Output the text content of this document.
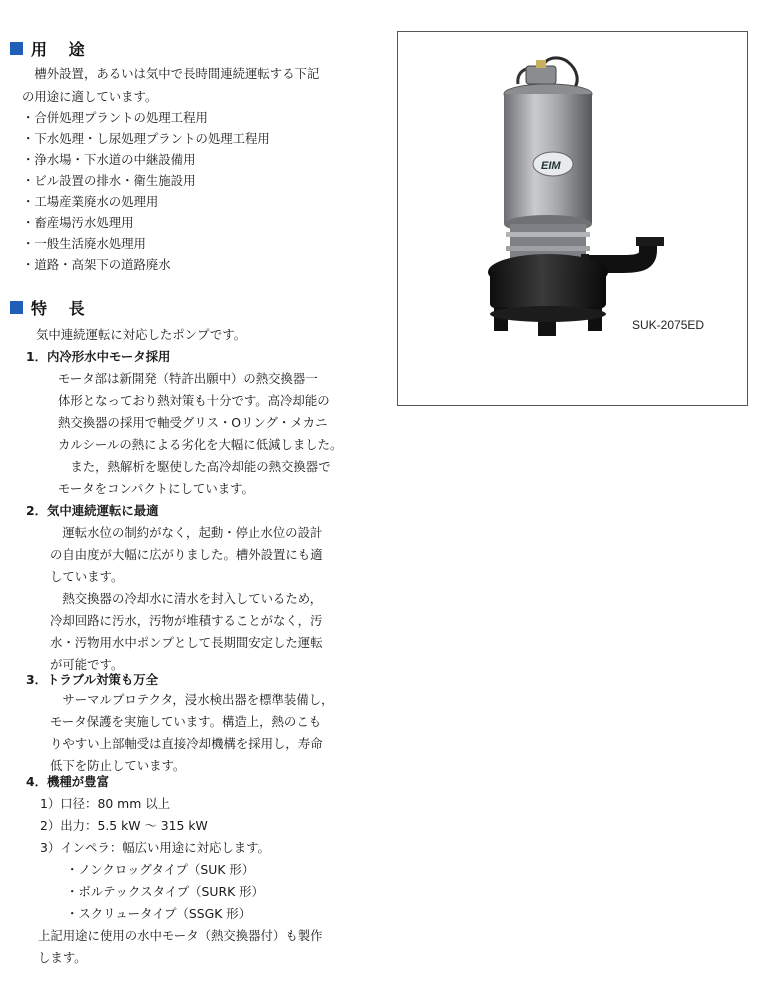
用 途
　槽外設置，あるいは気中で長時間連続運転する下記
の用途に適しています。
・合併処理プラントの処理工程用
・下水処理・し尿処理プラントの処理工程用
・浄水場・下水道の中継設備用
・ビル設置の排水・衛生施設用
・工場産業廃水の処理用
・畜産場汚水処理用
・一般生活廃水処理用
・道路・高架下の道路廃水
特 長
気中連続運転に対応したポンプです。
1．内冷形水中モータ採用
モータ部は新開発（特許出願中）の熱交換器一
体形となっており熱対策も十分です。高冷却能の
熱交換器の採用で軸受グリス・Oリング・メカニ
カルシールの熱による劣化を大幅に低減しました。
　また，熱解析を駆使した高冷却能の熱交換器で
モータをコンパクトにしています。
2．気中連続運転に最適
　運転水位の制約がなく，起動・停止水位の設計
の自由度が大幅に広がりました。槽外設置にも適
しています。
　熱交換器の冷却水に清水を封入しているため，
冷却回路に汚水，汚物が堆積することがなく，汚
水・汚物用水中ポンプとして長期間安定した運転
が可能です。
3．トラブル対策も万全
　サーマルプロテクタ，浸水検出器を標準装備し，
モータ保護を実施しています。構造上，熱のこも
りやすい上部軸受は直接冷却機構を採用し，寿命
低下を防止しています。
4．機種が豊富
1）口径：80 mm 以上
2）出力：5.5 kW ～ 315 kW
3）インペラ：幅広い用途に対応します。
・ノンクロッグタイプ（SUK 形）
・ボルテックスタイプ（SURK 形）
・スクリュータイプ（SSGK 形）
上記用途に使用の水中モータ（熱交換器付）も製作
します。
EIM
SUK-2075ED
